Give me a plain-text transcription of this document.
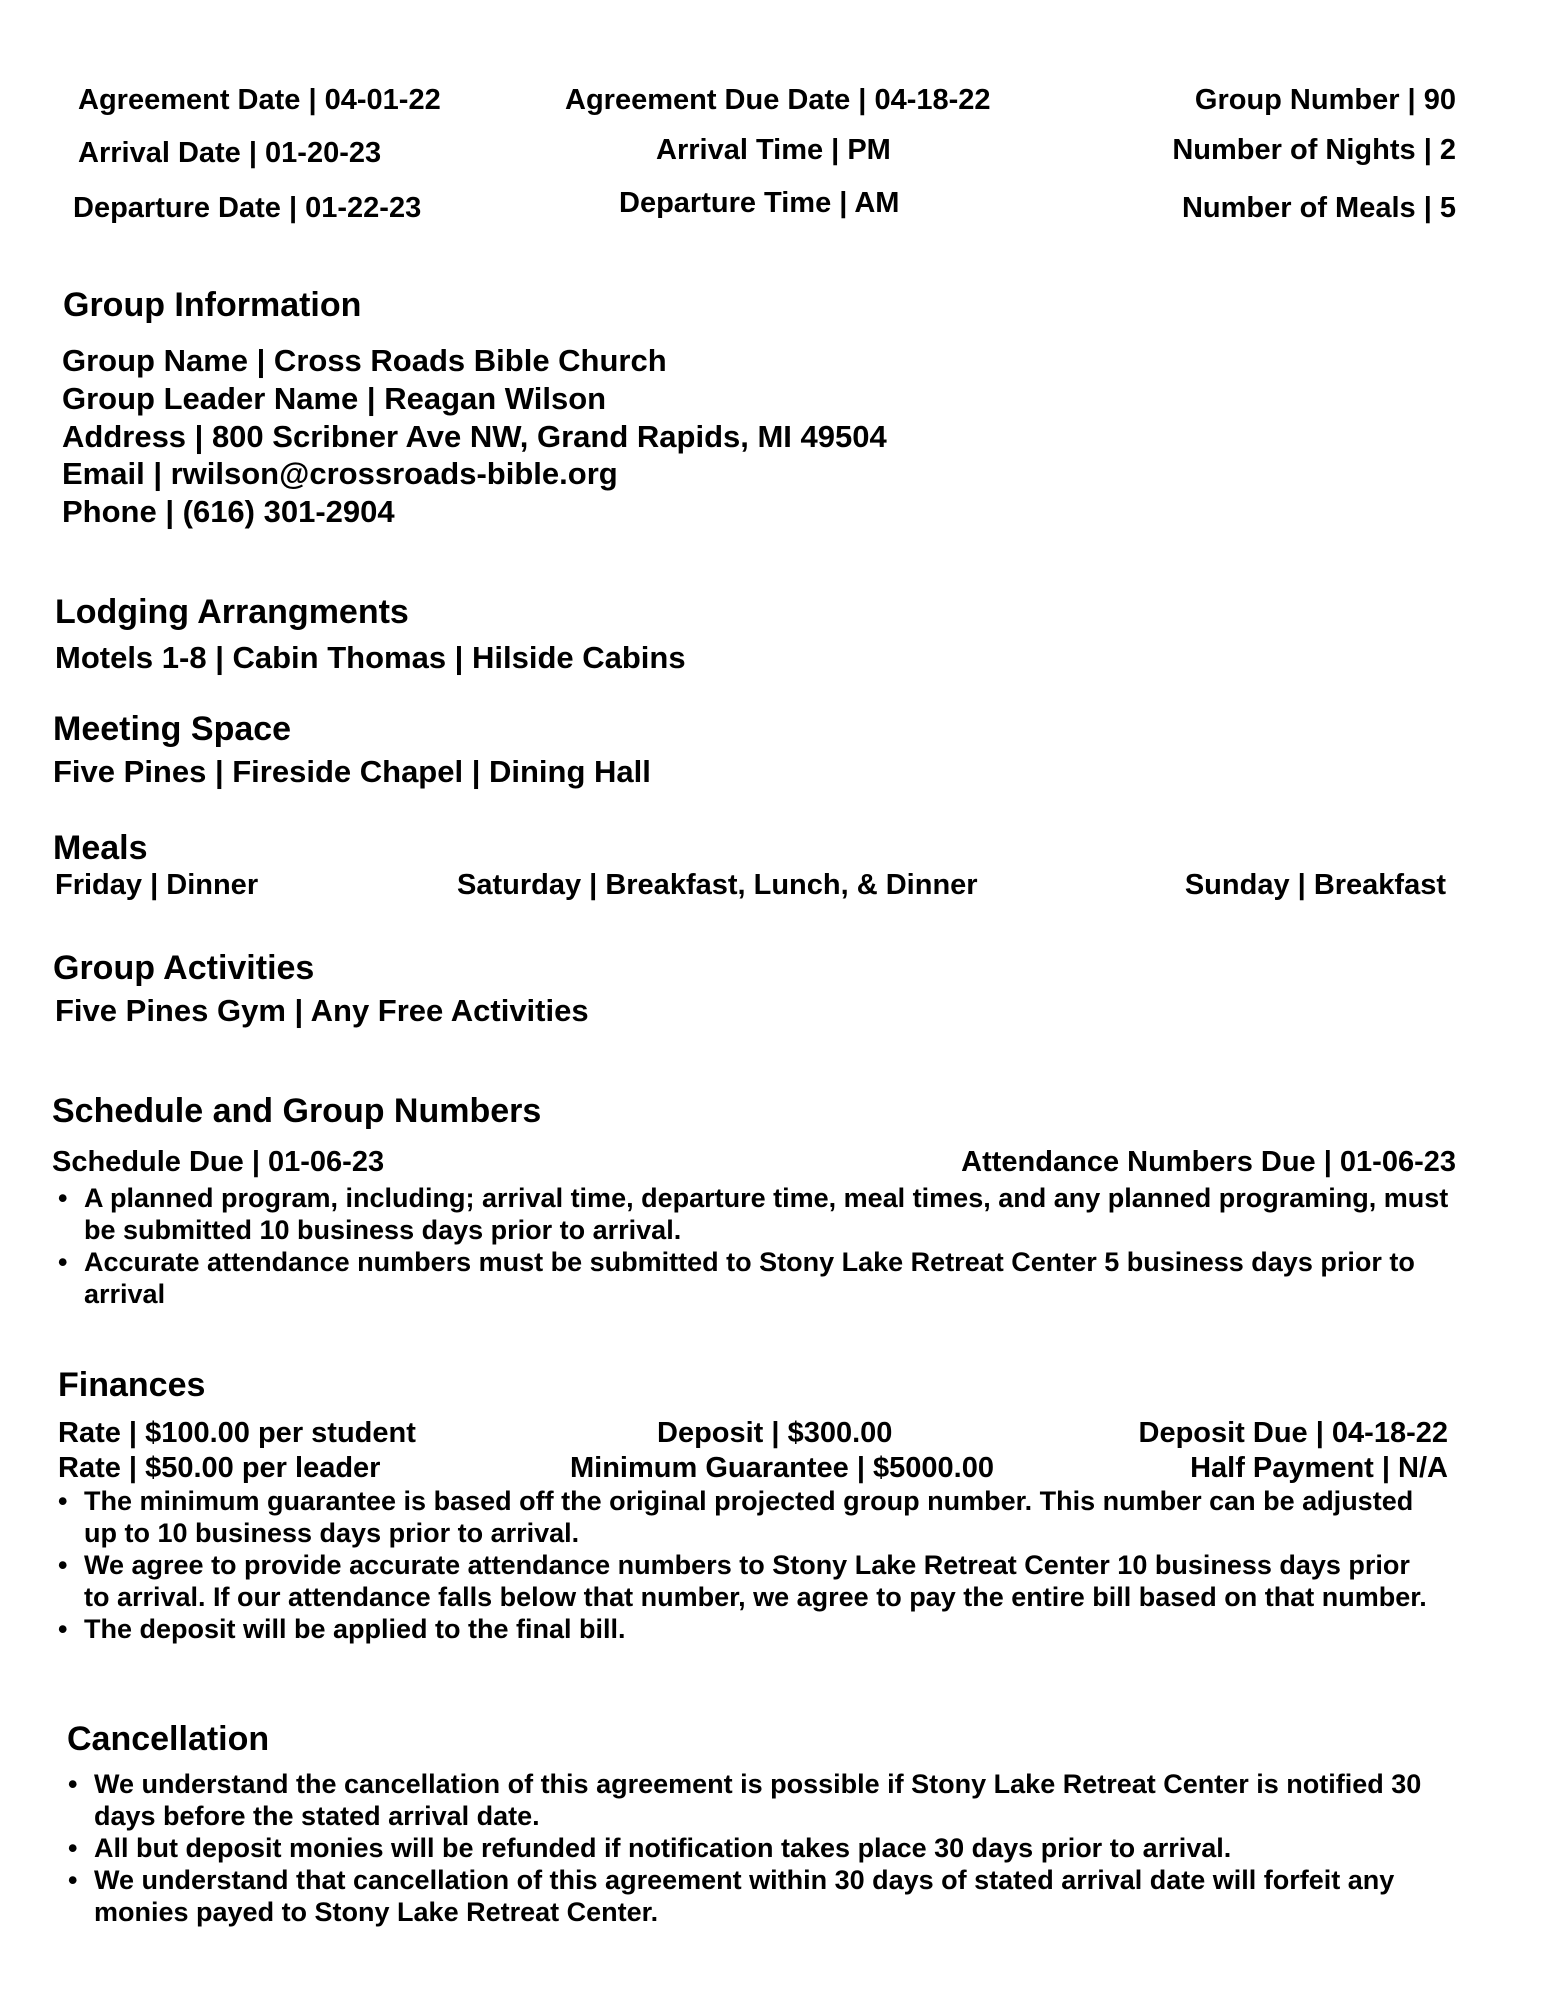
Agreement Date | 04-01-22	Agreement Due Date | 04-18-22	Group Number | 90
Arrival Date | 01-20-23	Arrival Time | PM	Number of Nights | 2
Departure Date | 01-22-23	Departure Time | AM	Number of Meals | 5
Group Information
Group Name | Cross Roads Bible Church
Group Leader Name | Reagan Wilson
Address | 800 Scribner Ave NW, Grand Rapids, MI 49504
Email | rwilson@crossroads-bible.org
Phone | (616) 301-2904
Lodging Arrangments
Motels 1-8 | Cabin Thomas | Hilside Cabins
Meeting Space
Five Pines | Fireside Chapel | Dining Hall
Meals
Friday | Dinner	Saturday | Breakfast, Lunch, & Dinner	Sunday | Breakfast
Group Activities
Five Pines Gym | Any Free Activities
Schedule and Group Numbers
Schedule Due | 01-06-23	Attendance Numbers Due | 01-06-23
• A planned program, including; arrival time, departure time, meal times, and any planned programing, must be submitted 10 business days prior to arrival.
• Accurate attendance numbers must be submitted to Stony Lake Retreat Center 5 business days prior to arrival
Finances
Rate | $100.00 per student	Deposit | $300.00	Deposit Due | 04-18-22
Rate | $50.00 per leader	Minimum Guarantee | $5000.00	Half Payment | N/A
• The minimum guarantee is based off the original projected group number. This number can be adjusted up to 10 business days prior to arrival.
• We agree to provide accurate attendance numbers to Stony Lake Retreat Center 10 business days prior to arrival. If our attendance falls below that number, we agree to pay the entire bill based on that number.
• The deposit will be applied to the final bill.
Cancellation
• We understand the cancellation of this agreement is possible if Stony Lake Retreat Center is notified 30 days before the stated arrival date.
• All but deposit monies will be refunded if notification takes place 30 days prior to arrival.
• We understand that cancellation of this agreement within 30 days of stated arrival date will forfeit any monies payed to Stony Lake Retreat Center.
